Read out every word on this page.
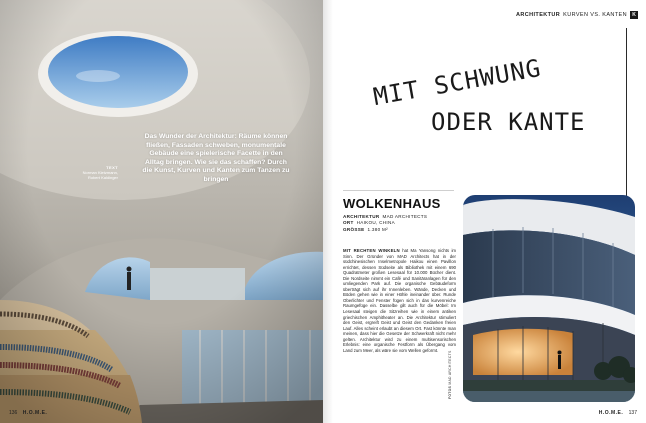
Das Wunder der Architektur: Räume können fließen, Fassaden schweben, monumentale Gebäude eine spielerische Facette in den Alltag bringen. Wie sie das schaffen? Durch die Kunst, Kurven und Kanten zum Tanzen zu bringen

TEXT
Norman Kietzmann,
Robert Kaldinger
136 H.O.M.E.
ARCHITEKTUR KURVEN VS. KANTEN	K
MIT SCHWUNG
ODER KANTE
WOLKENHAUS
ARCHITEKTUR MAD ARCHITECTS
ORT HAIKOU, CHINA
GRÖSSE 1.380 M²

MIT RECHTEN WINKELN hat Ma Yansong nichts im Sinn. Der Gründer von MAD Architects hat in der südchinesischen Inselmetropole Haikou einen Pavillon errichtet, dessen Südseite als Bibliothek mit einem 690 Quadratmeter großen Lesesaal für 10.000 Bücher dient. Die Nordseite nimmt ein Café und Sanitäranlagen für den umliegenden Park auf. Die organische Gebäudeform überträgt sich auf ihr Innenleben. Wände, Decken und Böden gehen wie in einer Höhle ineinander über. Runde Oberlichter und Fenster fügen sich in das kurvenreiche Raumgefüge ein. Dasselbe gilt auch für die Möbel: Im Lesesaal steigen die Sitzreihen wie in einem antiken griechischen Amphitheater an. Die Architektur stimuliert den Geist, ergreift Geist und Geist den Gedanken freien Lauf. Alles scheint erlaubt an diesem Ort. Fast könnte man meinen, dass hier die Gesetze der Schwerkraft nicht mehr gelten. Architektur wird zu einem multisensorischen Erlebnis: eine organische Festform als Übergang vom Land zum Meer, als wäre sie vom Wellen geformt.

FOTOS MAD ARCHITECTS
H.O.M.E. 137
